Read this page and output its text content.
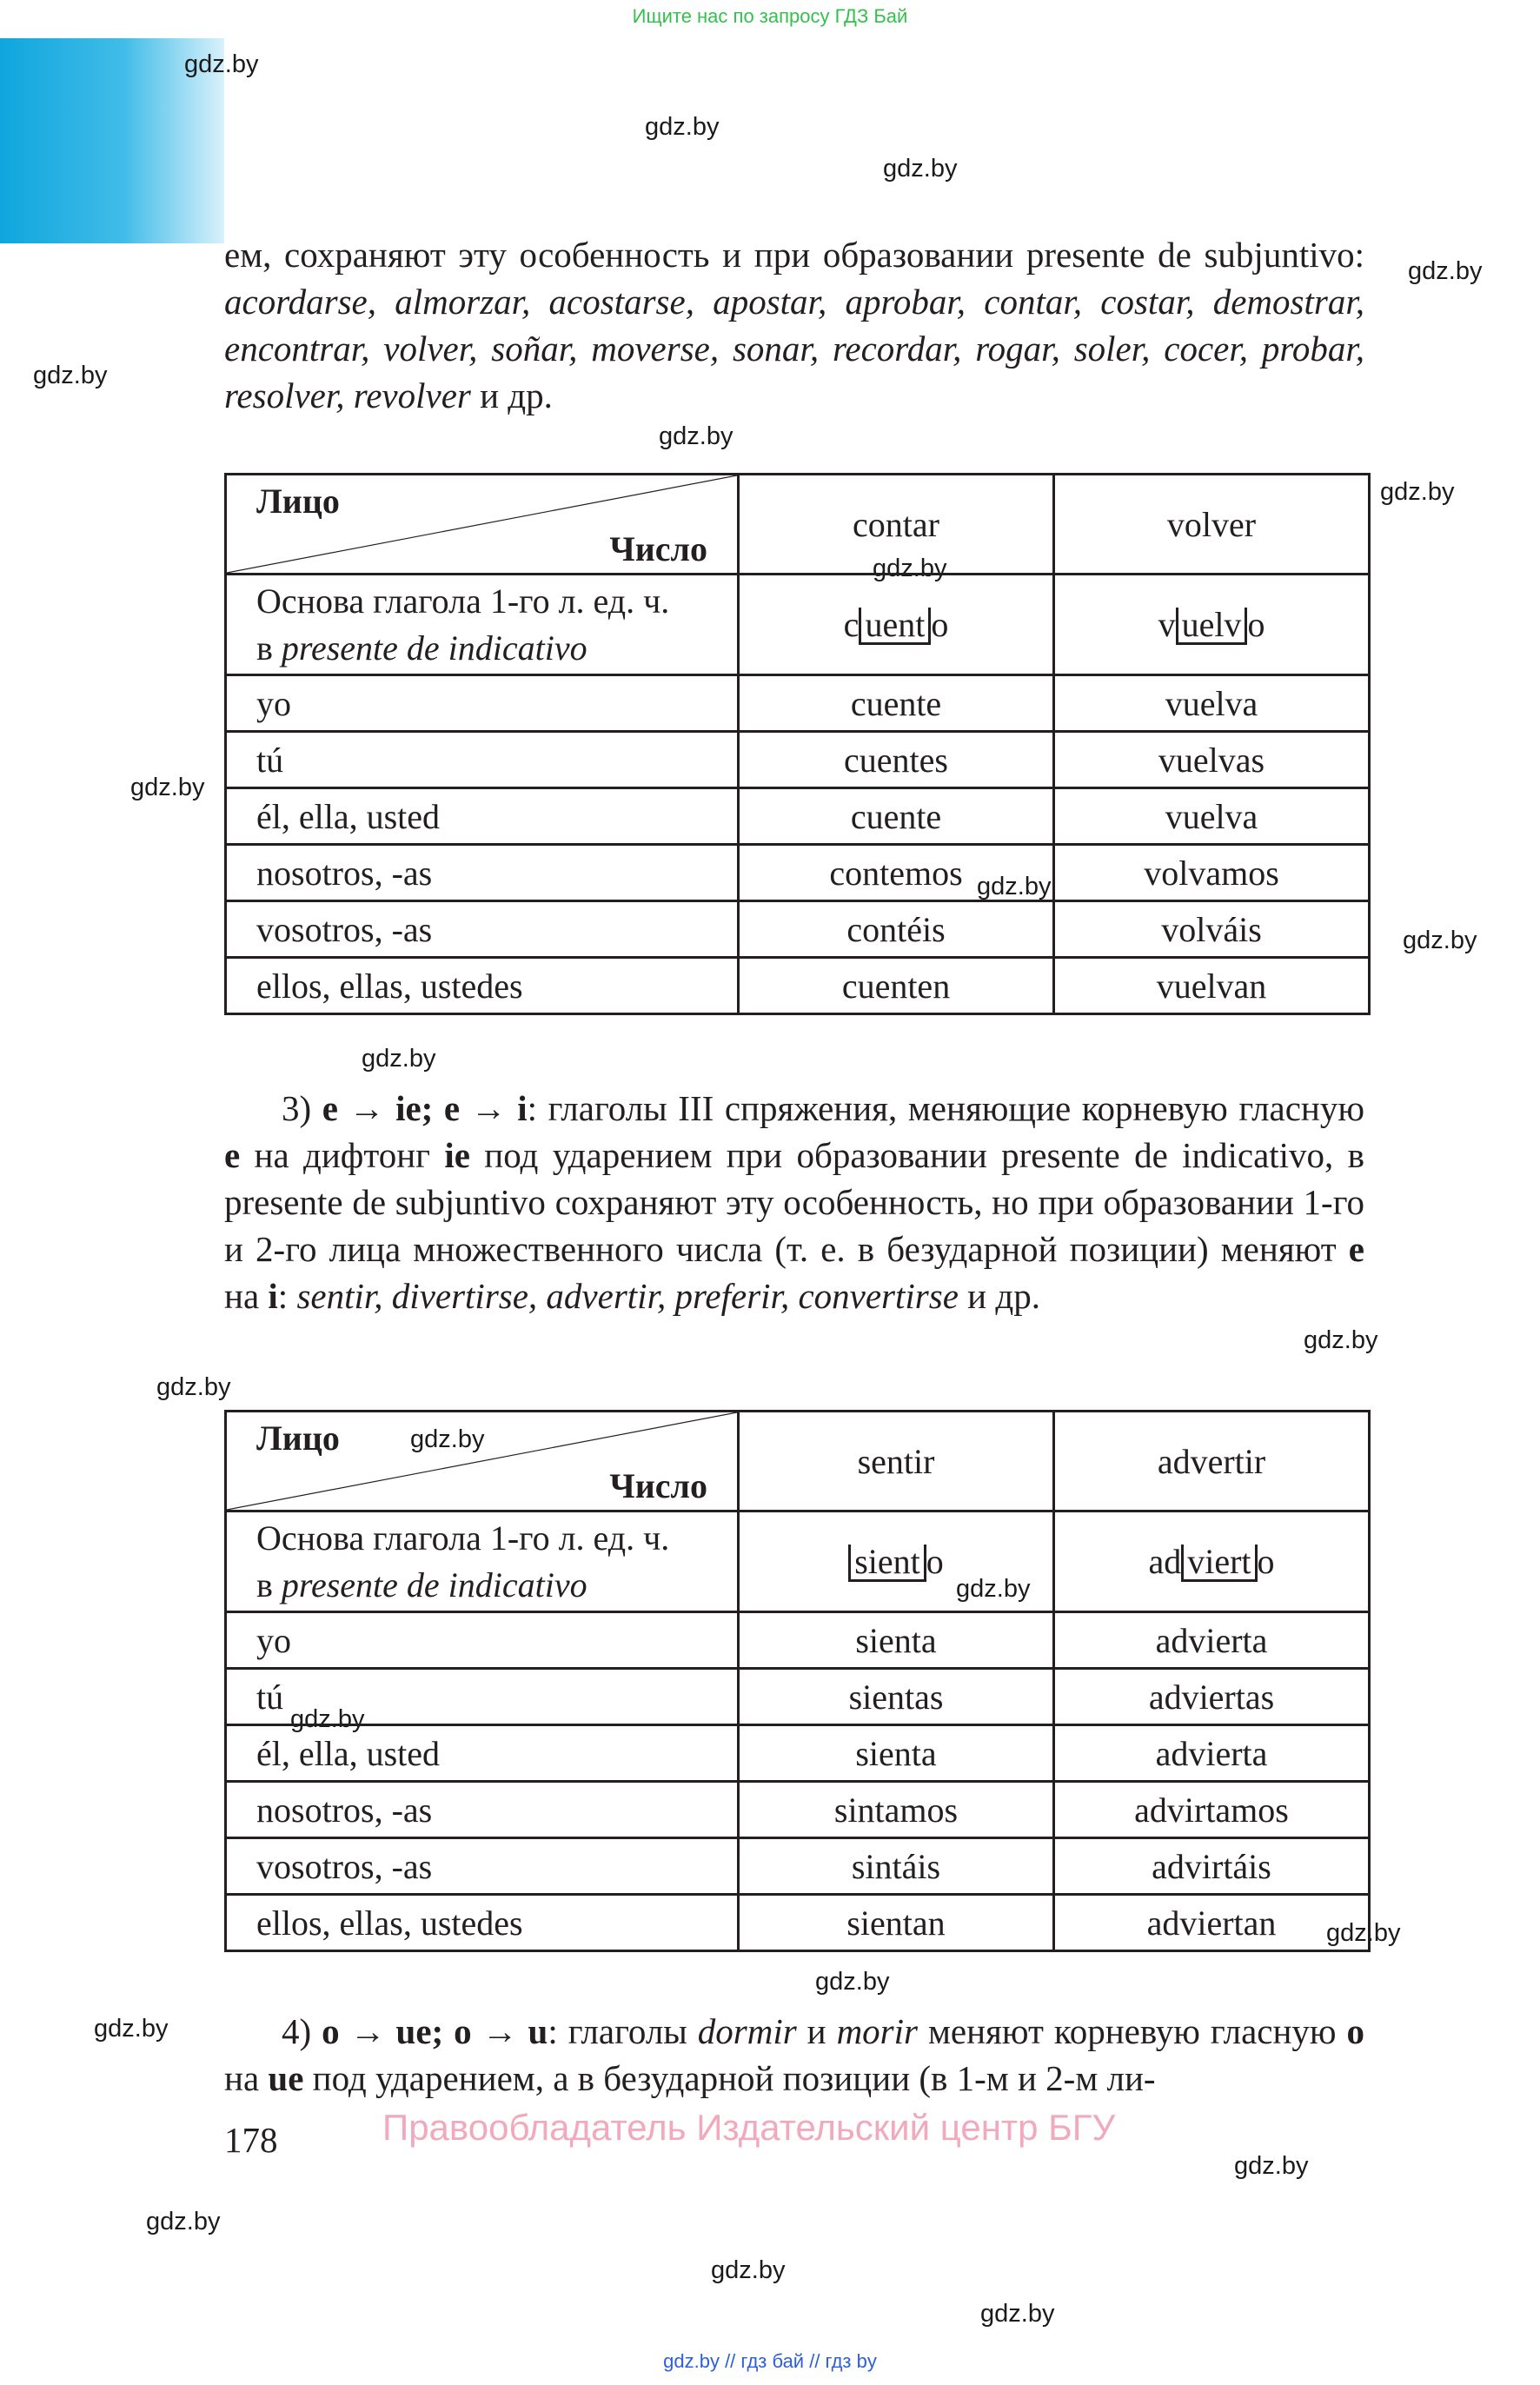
Ищите нас по запросу ГДЗ Бай
gdz.by
gdz.by
gdz.by
gdz.by
gdz.by
gdz.by
gdz.by
gdz.by
gdz.by
gdz.by
gdz.by
gdz.by
gdz.by
gdz.by
gdz.by
gdz.by
gdz.by
gdz.by
gdz.by
gdz.by
gdz.by
gdz.by
gdz.by
gdz.by

ем, сохраняют эту особенность и при образовании presente de subjuntivo: acordarse, almorzar, acostarse, apostar, aprobar, contar, costar, demostrar, encontrar, volver, soñar, moverse, sonar, recordar, rogar, soler, cocer, probar, resolver, revolver и др.

Лицо
Число	contar	volver

Основа глагола 1-го л. ед. ч.
в presente de indicativo	c uent o	v uelv o
yo	cuente	vuelva
tú	cuentes	vuelvas
él, ella, usted	cuente	vuelva
nosotros, -as	contemos	volvamos
vosotros, -as	contéis	volváis
ellos, ellas, ustedes	cuenten	vuelvan

3) e → ie; e → i: глаголы III спряжения, меняющие корневую гласную e на дифтонг ie под ударением при образовании presente de indicativo, в presente de subjuntivo сохраняют эту особенность, но при образовании 1-го и 2-го лица множественного числа (т. е. в безударной позиции) меняют e на i: sentir, divertirse, advertir, preferir, convertirse и др.

Лицо
Число	sentir	advertir

Основа глагола 1-го л. ед. ч.
в presente de indicativo	sient o	ad viert o
yo	sienta	advierta
tú	sientas	adviertas
él, ella, usted	sienta	advierta
nosotros, -as	sintamos	advirtamos
vosotros, -as	sintáis	advirtáis
ellos, ellas, ustedes	sientan	adviertan

4) o → ue; o → u: глаголы dormir и morir меняют корневую гласную o на ue под ударением, а в безударной позиции (в 1-м и 2-м ли-

178	Правообладатель Издательский центр БГУ
gdz.by // гдз бай // гдз by
